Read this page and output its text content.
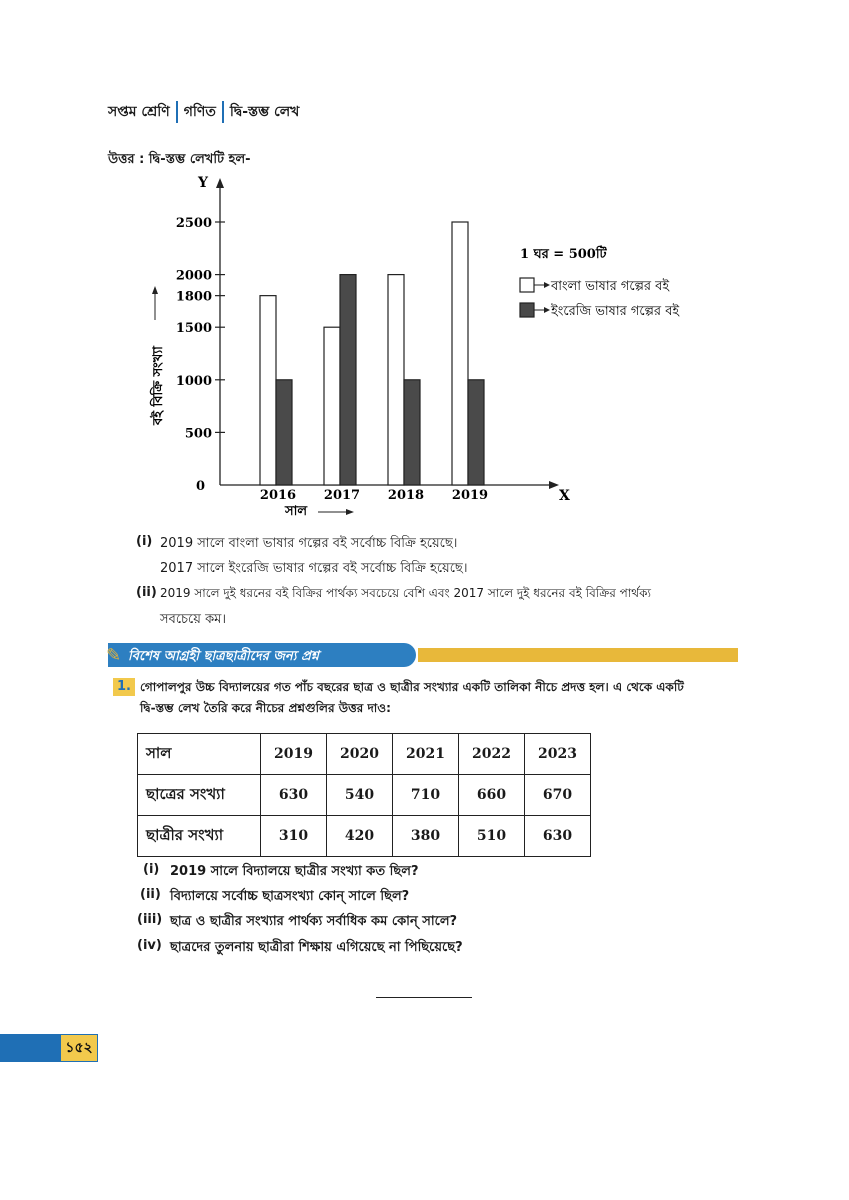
সপ্তম শ্রেণি গণিত দ্বি-স্তম্ভ লেখ
উত্তর : দ্বি-স্তম্ভ লেখটি হল-
Y
X
0
500
1000
1500
1800
2000
2500
2016 2017 2018 2019
বই বিক্রি সংখ্যা
সাল
1 ঘর = 500টি
বাংলা ভাষার গল্পের বই
ইংরেজি ভাষার গল্পের বই
(i) 2019 সালে বাংলা ভাষার গল্পের বই সর্বোচ্চ বিক্রি হয়েছে।
2017 সালে ইংরেজি ভাষার গল্পের বই সর্বোচ্চ বিক্রি হয়েছে।
(ii) 2019 সালে দুই ধরনের বই বিক্রির পার্থক্য সবচেয়ে বেশি এবং 2017 সালে দুই ধরনের বই বিক্রির পার্থক্য
সবচেয়ে কম।
✎ বিশেষ আগ্রহী ছাত্রছাত্রীদের জন্য প্রশ্ন
1. গোপালপুর উচ্চ বিদ্যালয়ের গত পাঁচ বছরের ছাত্র ও ছাত্রীর সংখ্যার একটি তালিকা নীচে প্রদত্ত হল। এ থেকে একটি
দ্বি-স্তম্ভ লেখ তৈরি করে নীচের প্রশ্নগুলির উত্তর দাও:
সাল	2019	2020	2021	2022	2023
ছাত্রের সংখ্যা	630	540	710	660	670
ছাত্রীর সংখ্যা	310	420	380	510	630
(i) 2019 সালে বিদ্যালয়ে ছাত্রীর সংখ্যা কত ছিল?
(ii) বিদ্যালয়ে সর্বোচ্চ ছাত্রসংখ্যা কোন্ সালে ছিল?
(iii) ছাত্র ও ছাত্রীর সংখ্যার পার্থক্য সর্বাধিক কম কোন্ সালে?
(iv) ছাত্রদের তুলনায় ছাত্রীরা শিক্ষায় এগিয়েছে না পিছিয়েছে?
১৫২
